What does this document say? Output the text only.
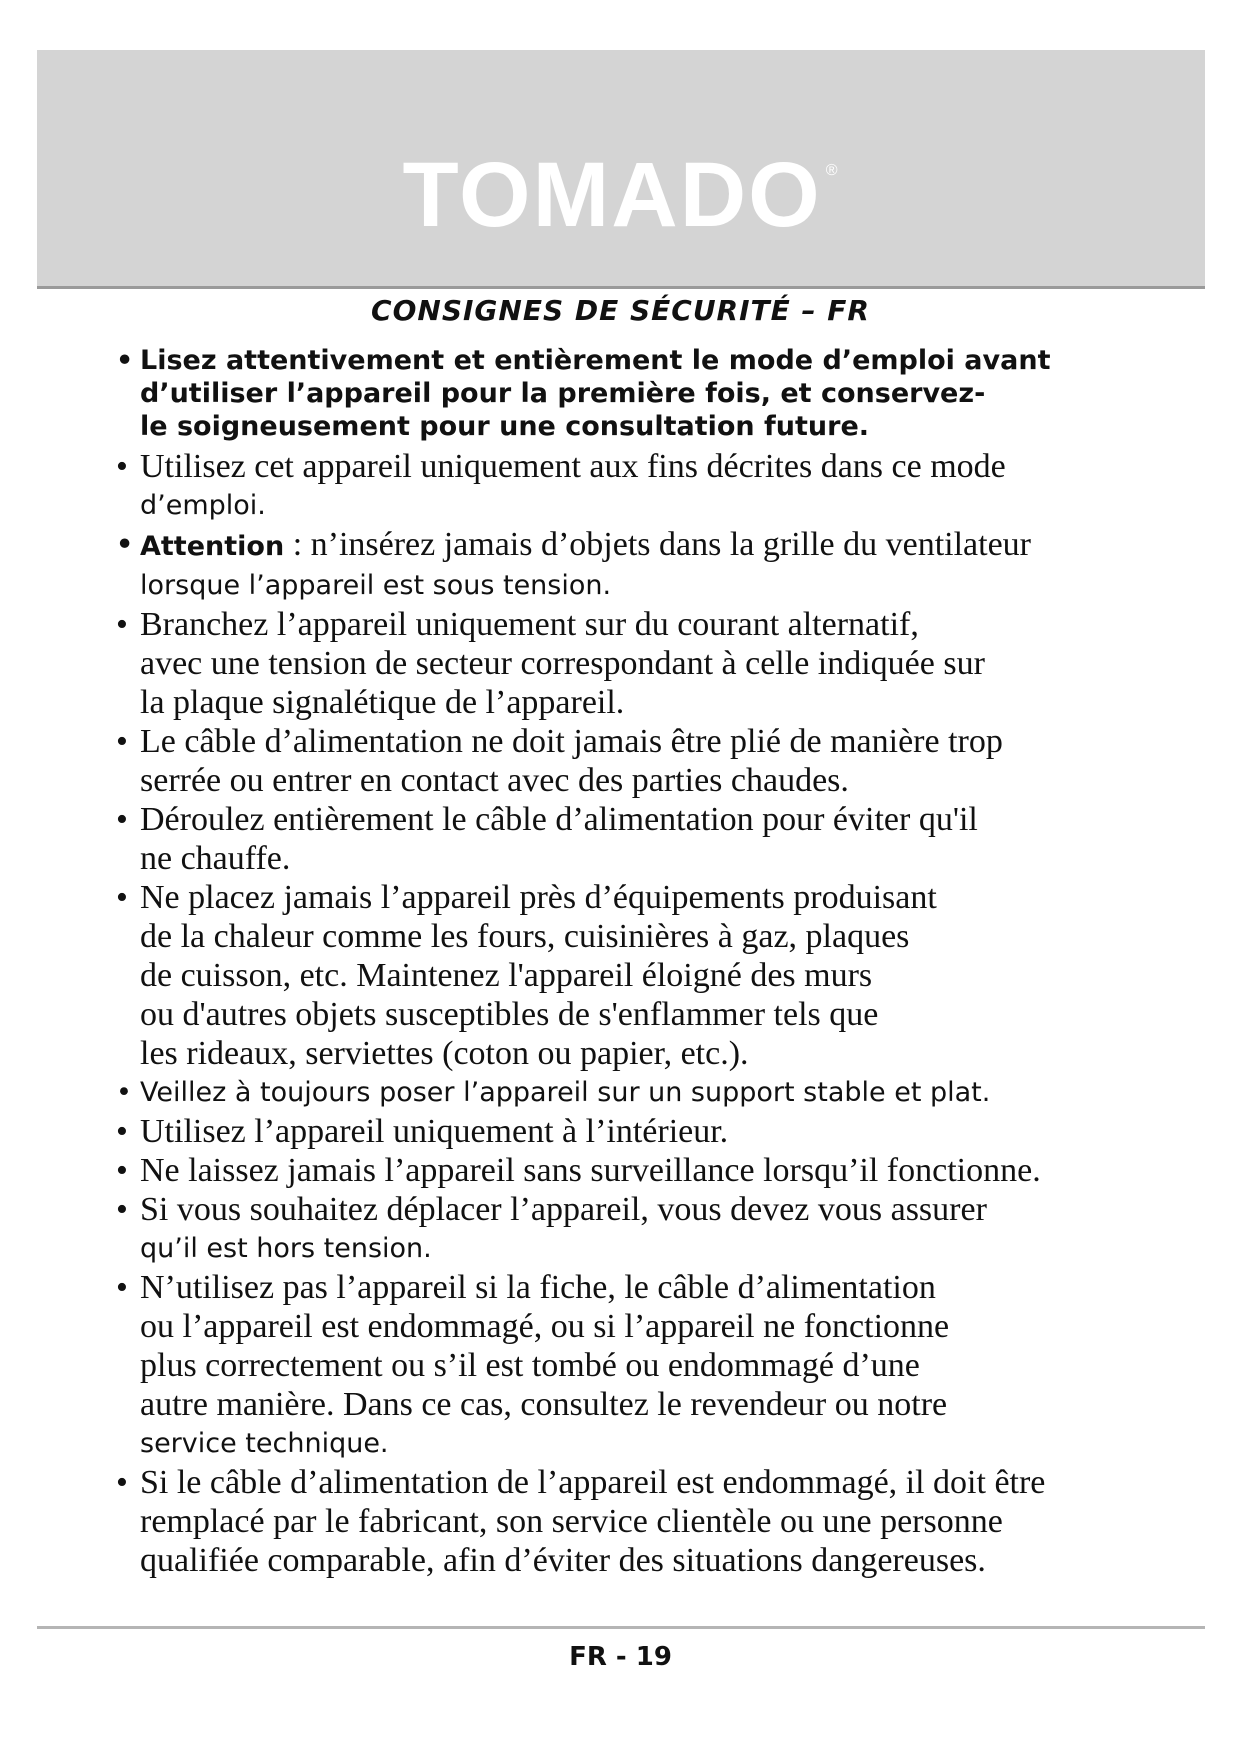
TOMADO ®
CONSIGNES DE SÉCURITÉ – FR
• Lisez attentivement et entièrement le mode d’emploi avant
d’utiliser l’appareil pour la première fois, et conservez-
le soigneusement pour une consultation future.
• Utilisez cet appareil uniquement aux fins décrites dans ce mode
d’emploi.
• Attention : n’insérez jamais d’objets dans la grille du ventilateur
lorsque l’appareil est sous tension.
• Branchez l’appareil uniquement sur du courant alternatif,
avec une tension de secteur correspondant à celle indiquée sur
la plaque signalétique de l’appareil.
• Le câble d’alimentation ne doit jamais être plié de manière trop
serrée ou entrer en contact avec des parties chaudes.
• Déroulez entièrement le câble d’alimentation pour éviter qu'il
ne chauffe.
• Ne placez jamais l’appareil près d’équipements produisant
de la chaleur comme les fours, cuisinières à gaz, plaques
de cuisson, etc. Maintenez l'appareil éloigné des murs
ou d'autres objets susceptibles de s'enflammer tels que
les rideaux, serviettes (coton ou papier, etc.).
• Veillez à toujours poser l’appareil sur un support stable et plat.
• Utilisez l’appareil uniquement à l’intérieur.
• Ne laissez jamais l’appareil sans surveillance lorsqu’il fonctionne.
• Si vous souhaitez déplacer l’appareil, vous devez vous assurer
qu’il est hors tension.
• N’utilisez pas l’appareil si la fiche, le câble d’alimentation
ou l’appareil est endommagé, ou si l’appareil ne fonctionne
plus correctement ou s’il est tombé ou endommagé d’une
autre manière. Dans ce cas, consultez le revendeur ou notre
service technique.
• Si le câble d’alimentation de l’appareil est endommagé, il doit être
remplacé par le fabricant, son service clientèle ou une personne
qualifiée comparable, afin d’éviter des situations dangereuses.
FR - 19
